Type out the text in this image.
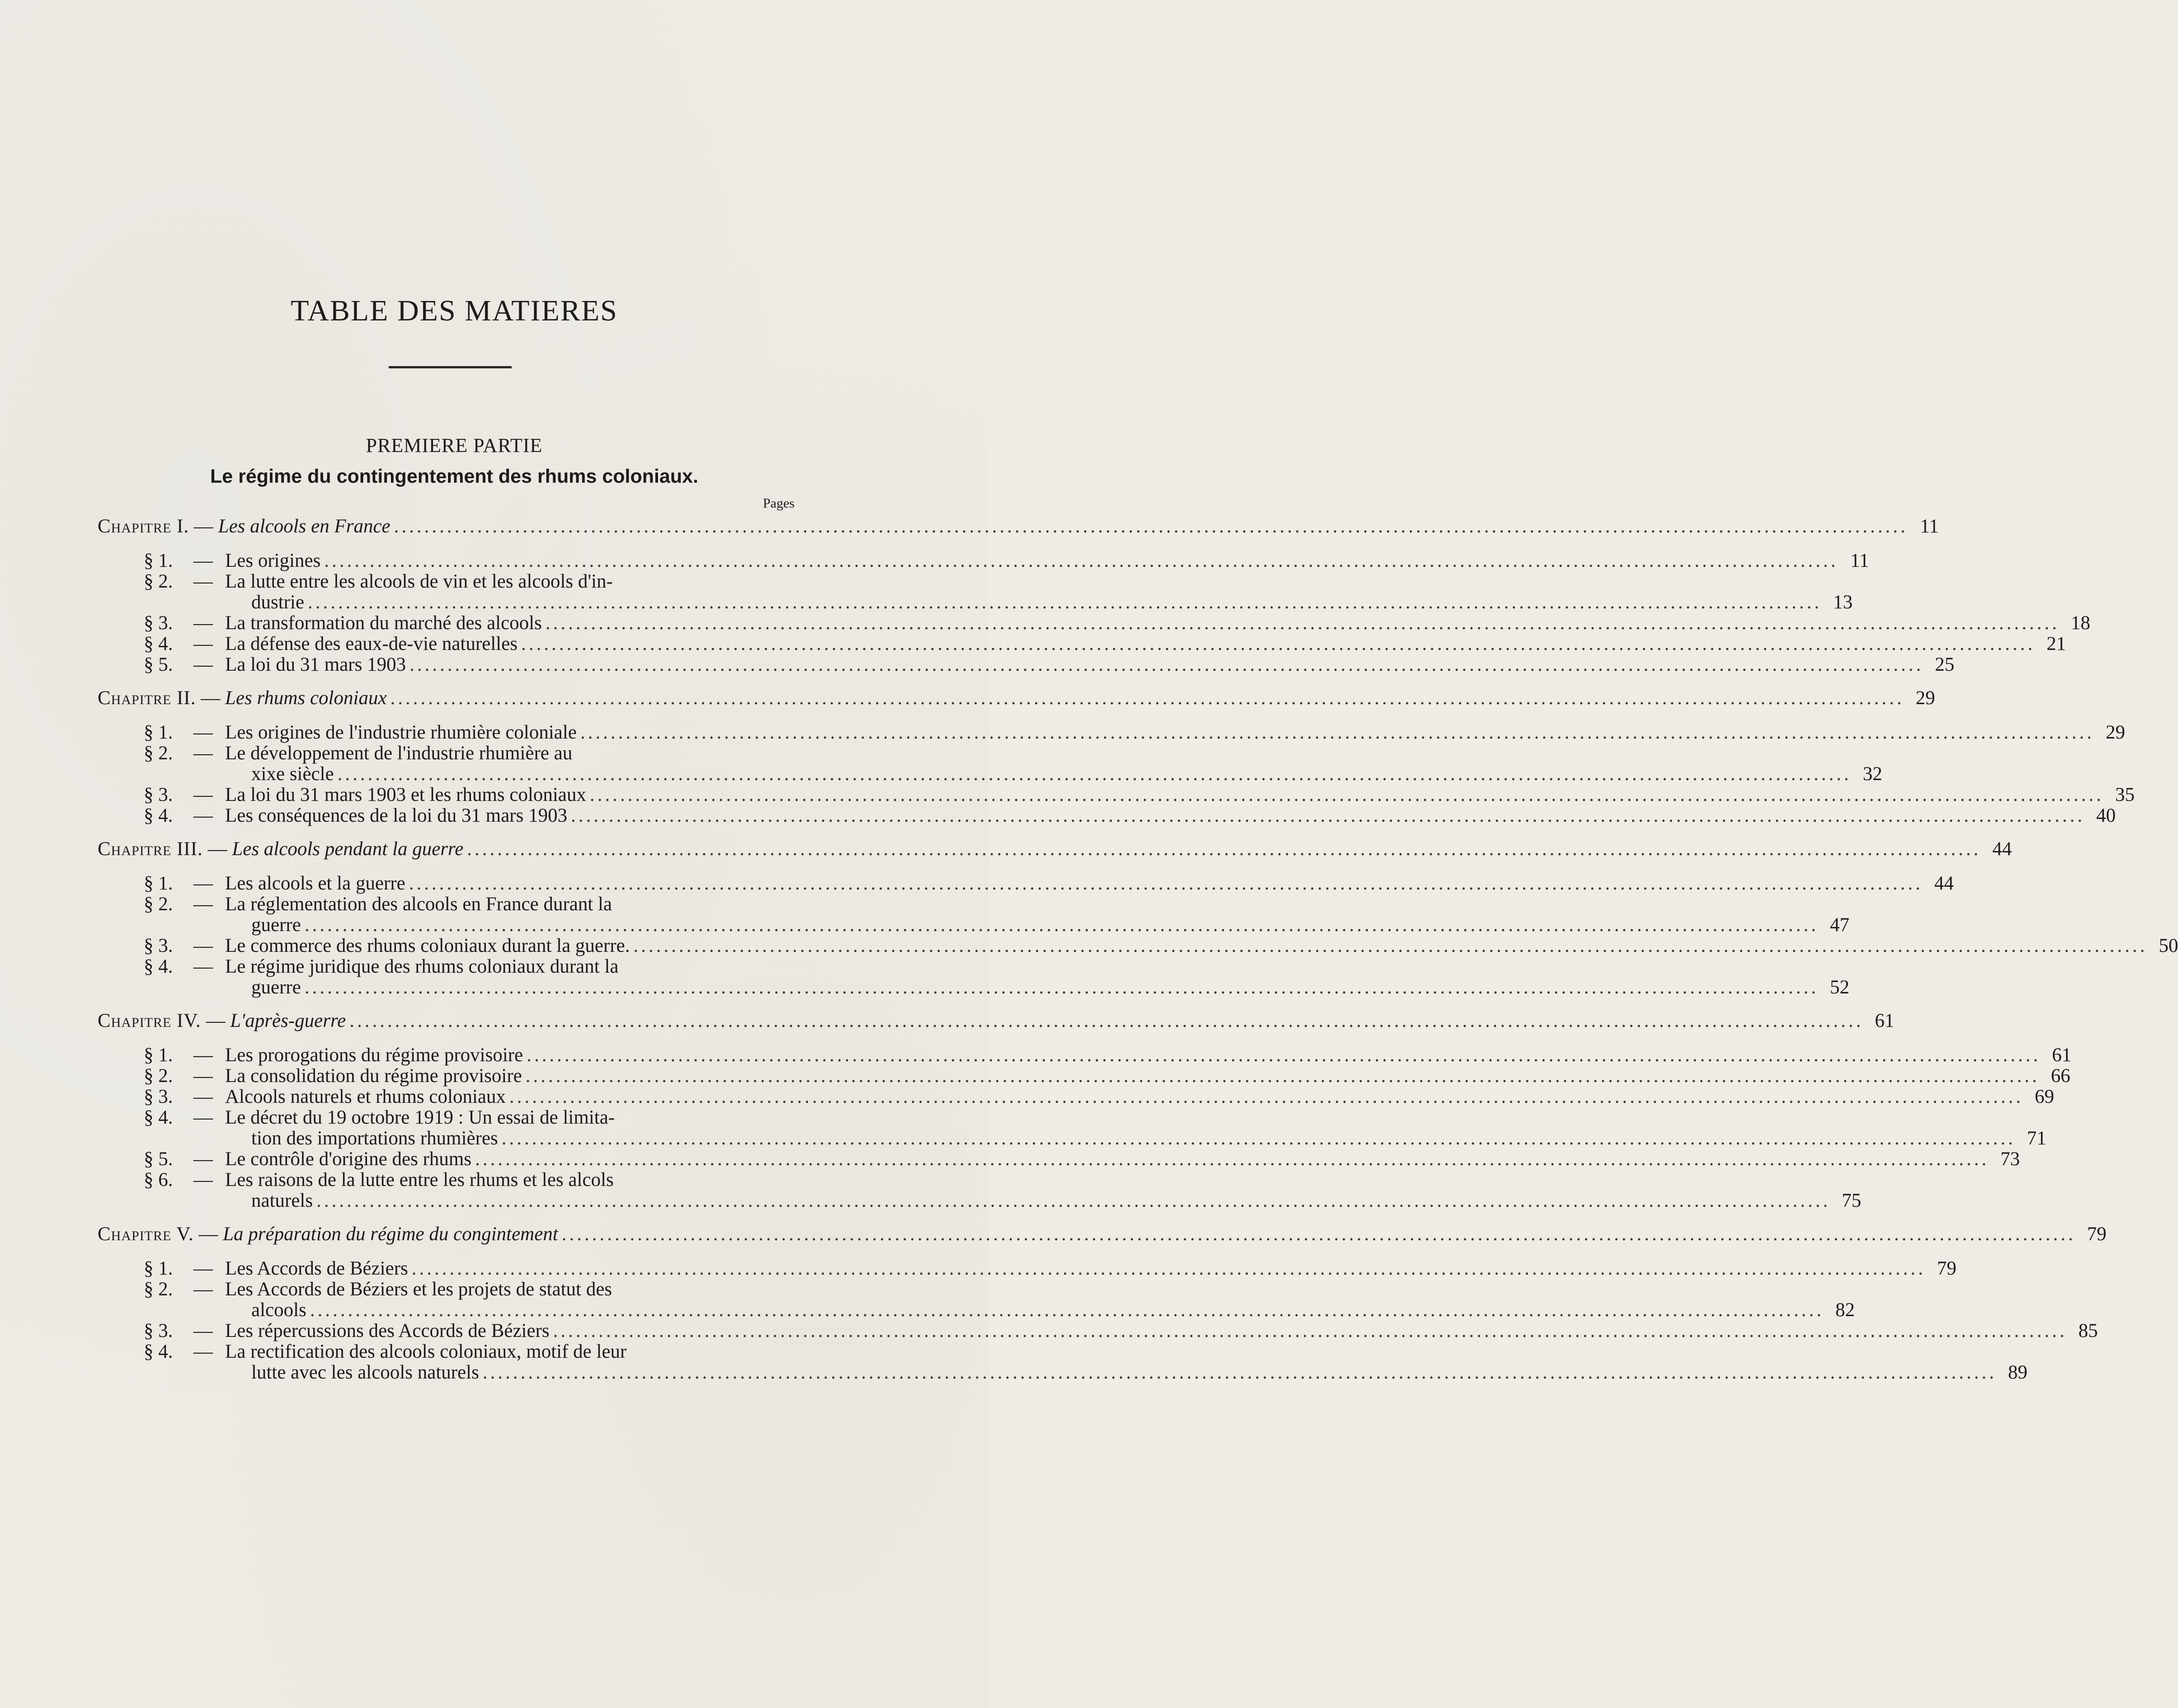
TABLE DES MATIERES
PREMIERE PARTIE
Le régime du contingentement des rhums coloniaux.
Pages
Chapitre I. — Les alcools en France ........................................................................................................................................................................................................ 11
§ 1. — Les origines ........................................................................................................................................................................................................ 11
§ 2. — La lutte entre les alcools de vin et les alcools d'in-
dustrie ........................................................................................................................................................................................................ 13
§ 3. — La transformation du marché des alcools ........................................................................................................................................................................................................ 18
§ 4. — La défense des eaux-de-vie naturelles ........................................................................................................................................................................................................ 21
§ 5. — La loi du 31 mars 1903 ........................................................................................................................................................................................................ 25
Chapitre II. — Les rhums coloniaux ........................................................................................................................................................................................................ 29
§ 1. — Les origines de l'industrie rhumière coloniale ........................................................................................................................................................................................................ 29
§ 2. — Le développement de l'industrie rhumière au
xixe siècle ........................................................................................................................................................................................................ 32
§ 3. — La loi du 31 mars 1903 et les rhums coloniaux ........................................................................................................................................................................................................ 35
§ 4. — Les conséquences de la loi du 31 mars 1903 ........................................................................................................................................................................................................ 40
Chapitre III. — Les alcools pendant la guerre ........................................................................................................................................................................................................ 44
§ 1. — Les alcools et la guerre ........................................................................................................................................................................................................ 44
§ 2. — La réglementation des alcools en France durant la
guerre ........................................................................................................................................................................................................ 47
§ 3. — Le commerce des rhums coloniaux durant la guerre. ........................................................................................................................................................................................................ 50
§ 4. — Le régime juridique des rhums coloniaux durant la
guerre ........................................................................................................................................................................................................ 52
Chapitre IV. — L'après-guerre ........................................................................................................................................................................................................ 61
§ 1. — Les prorogations du régime provisoire ........................................................................................................................................................................................................ 61
§ 2. — La consolidation du régime provisoire ........................................................................................................................................................................................................ 66
§ 3. — Alcools naturels et rhums coloniaux ........................................................................................................................................................................................................ 69
§ 4. — Le décret du 19 octobre 1919 : Un essai de limita-
tion des importations rhumières ........................................................................................................................................................................................................ 71
§ 5. — Le contrôle d'origine des rhums ........................................................................................................................................................................................................ 73
§ 6. — Les raisons de la lutte entre les rhums et les alcols
naturels ........................................................................................................................................................................................................ 75
Chapitre V. — La préparation du régime du congintement ........................................................................................................................................................................................................ 79
§ 1. — Les Accords de Béziers ........................................................................................................................................................................................................ 79
§ 2. — Les Accords de Béziers et les projets de statut des
alcools ........................................................................................................................................................................................................ 82
§ 3. — Les répercussions des Accords de Béziers ........................................................................................................................................................................................................ 85
§ 4. — La rectification des alcools coloniaux, motif de leur
lutte avec les alcools naturels ........................................................................................................................................................................................................ 89
